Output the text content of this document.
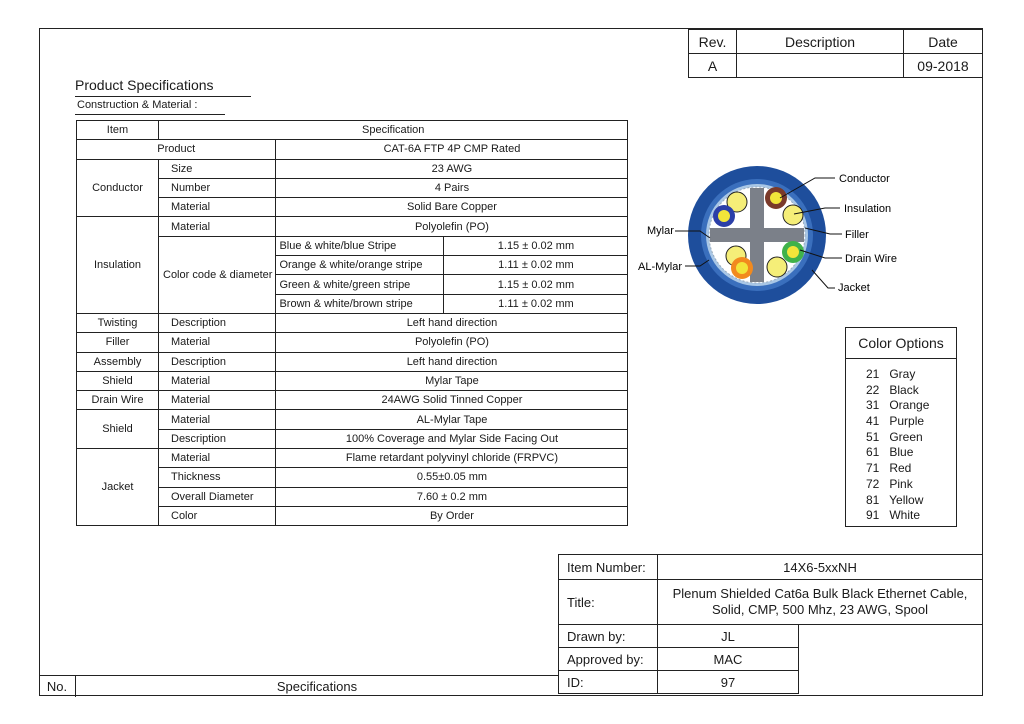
Rev.	Description	Date
A		09-2018
Product Specifications
Construction & Material :
Item	Specification		
Product		CAT-6A FTP 4P CMP Rated	
Conductor	Size	23 AWG	
	Number	4 Pairs	
	Material	Solid Bare Copper	
Insulation	Material	Polyolefin (PO)	
	Color code & diameter	Blue & white/blue Stripe	1.15 ± 0.02 mm
		Orange & white/orange stripe	1.11 ± 0.02 mm
		Green & white/green stripe	1.15 ± 0.02 mm
		Brown & white/brown stripe	1.11 ± 0.02 mm
Twisting	Description	Left hand direction	
Filler	Material	Polyolefin (PO)	
Assembly	Description	Left hand direction	
Shield	Material	Mylar Tape	
Drain Wire	Material	24AWG Solid Tinned Copper	
Shield	Material	AL-Mylar Tape	
	Description	100% Coverage and Mylar Side Facing Out	
Jacket	Material	Flame retardant polyvinyl chloride (FRPVC)	
	Thickness	0.55±0.05 mm	
	Overall Diameter	7.60 ± 0.2 mm	
	Color	By Order	
Conductor
Insulation
Filler
Drain Wire
Jacket
Mylar
AL-Mylar
Color Options
21 Gray
22 Black
31 Orange
41 Purple
51 Green
61 Blue
71 Red
72 Pink
81 Yellow
91 White
Item Number:	14X6-5xxNH	
Title:	Plenum Shielded Cat6a Bulk Black Ethernet Cable,
Solid, CMP, 500 Mhz, 23 AWG, Spool	

Drawn by:	JL	
Approved by:	MAC	
ID:	97	
No.	Specifications
